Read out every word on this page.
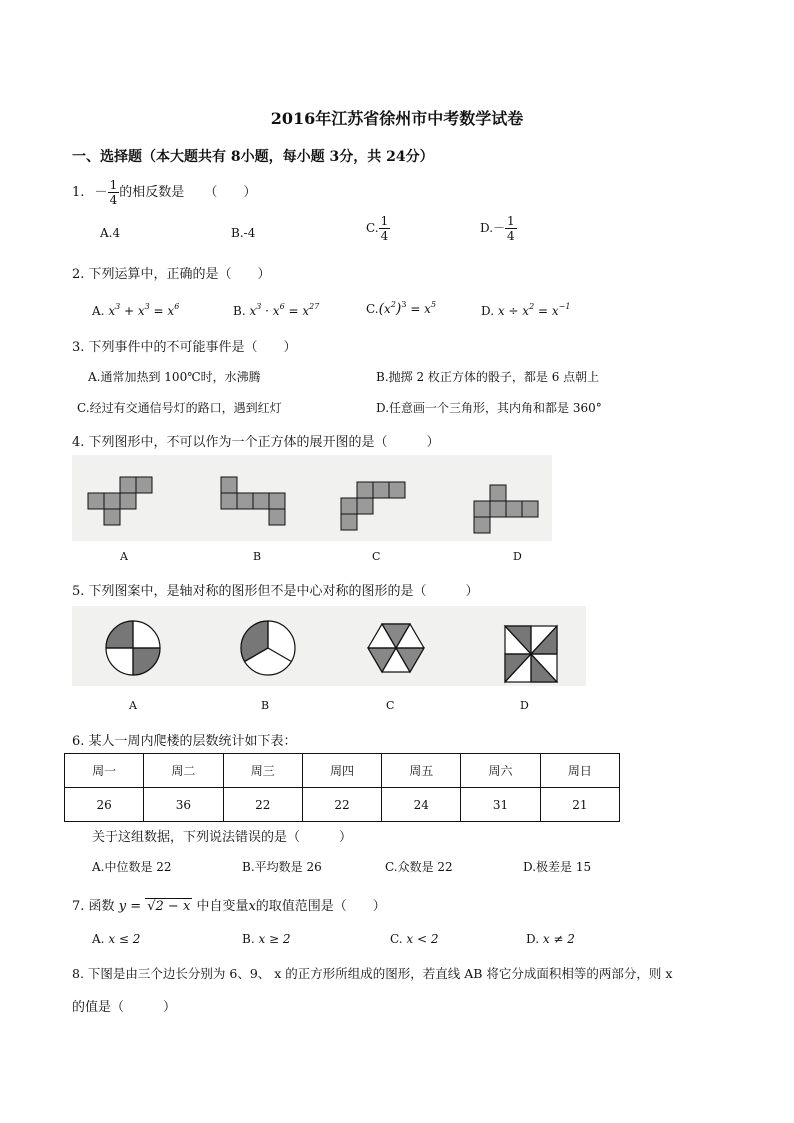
2016年江苏省徐州市中考数学试卷
一、选择题（本大题共有 8小题，每小题 3分，共 24分）
1. － $\frac{1}{4}$ 的相反数是 （　　）
A.4	B.-4	C. $\frac{1}{4}$	$D.- \frac{1}{4}$
2. 下列运算中，正确的是（　　）
A. $x^3 + x^3 = x^6$	B. $x^3 \cdot x^6 = x^{27}$	$C.(x^2)^3 = x^5$	D. $x \div x^2 = x^{-1}$
3. 下列事件中的不可能事件是（　　）
A.通常加热到 100℃时，水沸腾	B.抛掷 2 枚正方体的骰子，都是 6 点朝上
C.经过有交通信号灯的路口，遇到红灯	D.任意画一个三角形，其内角和都是 360°
4. 下列图形中，不可以作为一个正方体的展开图的是（　　　）
A	B	C	D
5. 下列图案中，是轴对称的图形但不是中心对称的图形的是（　　　）
A	B	C	D
6. 某人一周内爬楼的层数统计如下表：
周一	周二	周三	周四	周五	周六	周日
26	36	22	22	24	31	21
关于这组数据，下列说法错误的是（　　　）
A.中位数是 22	B.平均数是 26	C.众数是 22	D.极差是 15
7. 函数 y = √2 − x 中自变量x的取值范围是（　　）
A. x ≤ 2	B. x ≥ 2	C. x < 2	D. x ≠ 2
8. 下图是由三个边长分别为 6、9、 x 的正方形所组成的图形，若直线 AB 将它分成面积相等的两部分，则 x
的值是（　　　）
